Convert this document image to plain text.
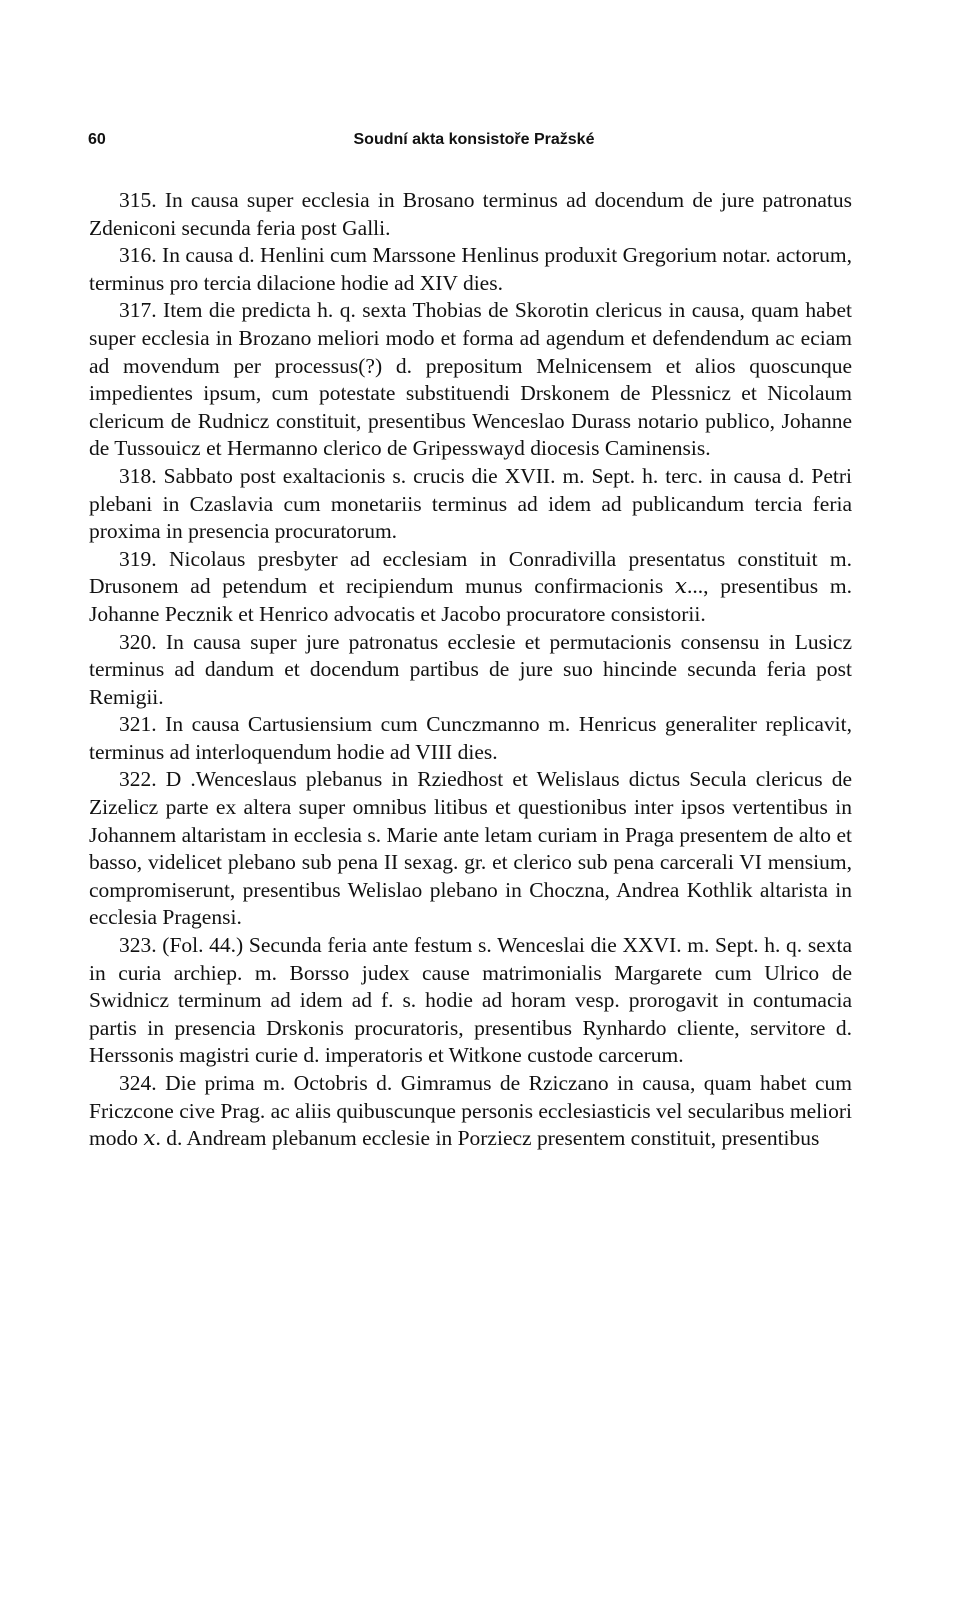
60	Soudní akta konsistoře Pražské

315. In causa super ecclesia in Brosano terminus ad docendum de jure patronatus Zdeniconi secunda feria post Galli.

316. In causa d. Henlini cum Marssone Henlinus produxit Gregorium notar. actorum, terminus pro tercia dilacione hodie ad XIV dies.

317. Item die predicta h. q. sexta Thobias de Skorotin clericus in causa, quam habet super ecclesia in Brozano meliori modo et forma ad agendum et defendendum ac eciam ad movendum per processus(?) d. prepositum Melnicensem et alios quoscunque impedientes ipsum, cum potestate substituendi Drskonem de Plessnicz et Nicolaum clericum de Rudnicz constituit, presentibus Wenceslao Durass notario publico, Johanne de Tussouicz et Hermanno clerico de Gripesswayd diocesis Caminensis.

318. Sabbato post exaltacionis s. crucis die XVII. m. Sept. h. terc. in causa d. Petri plebani in Czaslavia cum monetariis terminus ad idem ad publicandum tercia feria proxima in presencia procuratorum.

319. Nicolaus presbyter ad ecclesiam in Conradivilla presentatus constituit m. Drusonem ad petendum et recipiendum munus confirmacionis 𝑥..., presentibus m. Johanne Pecznik et Henrico advocatis et Jacobo procuratore consistorii.

320. In causa super jure patronatus ecclesie et permutacionis consensu in Lusicz terminus ad dandum et docendum partibus de jure suo hincinde secunda feria post Remigii.

321. In causa Cartusiensium cum Cunczmanno m. Henricus generaliter replicavit, terminus ad interloquendum hodie ad VIII dies.

322. D .Wenceslaus plebanus in Rziedhost et Welislaus dictus Secula clericus de Zizelicz parte ex altera super omnibus litibus et questionibus inter ipsos vertentibus in Johannem altaristam in ecclesia s. Marie ante letam curiam in Praga presentem de alto et basso, videlicet plebano sub pena II sexag. gr. et clerico sub pena carcerali VI mensium, compromiserunt, presentibus Welislao plebano in Choczna, Andrea Kothlik altarista in ecclesia Pragensi.

323. (Fol. 44.) Secunda feria ante festum s. Wenceslai die XXVI. m. Sept. h. q. sexta in curia archiep. m. Borsso judex cause matrimonialis Margarete cum Ulrico de Swidnicz terminum ad idem ad f. s. hodie ad horam vesp. prorogavit in contumacia partis in presencia Drskonis procuratoris, presentibus Rynhardo cliente, servitore d. Herssonis magistri curie d. imperatoris et Witkone custode carcerum.

324. Die prima m. Octobris d. Gimramus de Rziczano in causa, quam habet cum Friczcone cive Prag. ac aliis quibuscunque personis ecclesiasticis vel secularibus meliori modo 𝑥. d. Andream plebanum ecclesie in Porziecz presentem constituit, presentibus
